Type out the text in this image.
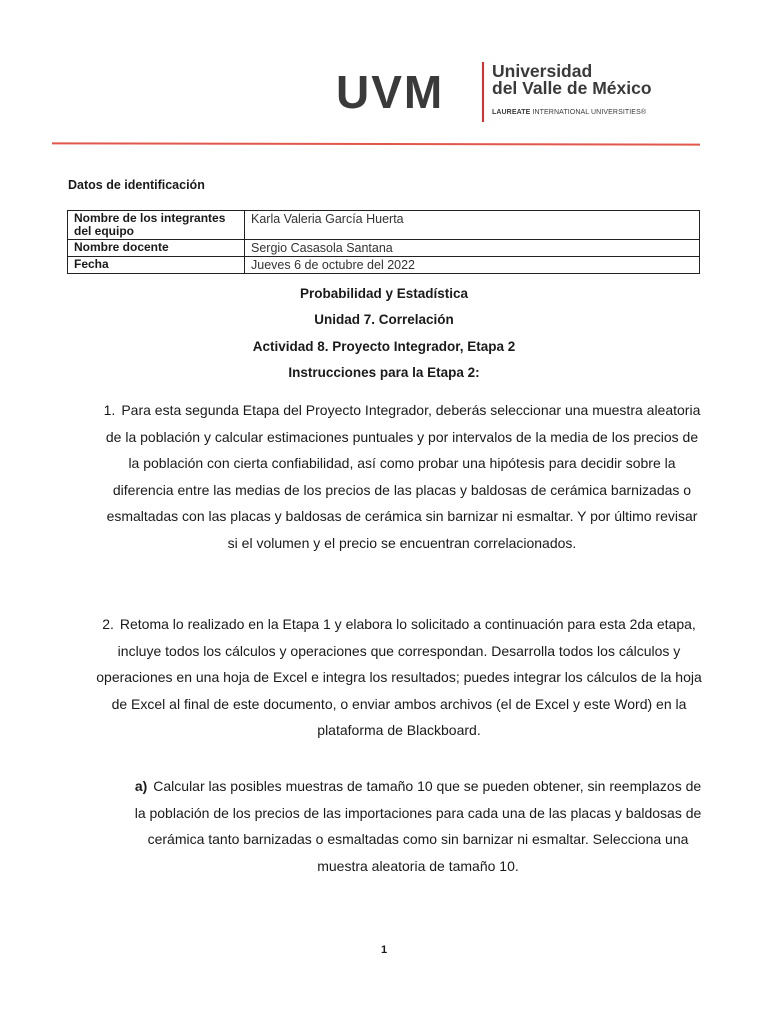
UVM	Universidad
del Valle de México
LAUREATE INTERNATIONAL UNIVERSITIES®
Datos de identificación
Nombre de los integrantes del equipo	Karla Valeria García Huerta
Nombre docente	Sergio Casasola Santana
Fecha	Jueves 6 de octubre del 2022
Probabilidad y Estadística
Unidad 7. Correlación
Actividad 8. Proyecto Integrador, Etapa 2
Instrucciones para la Etapa 2:
1. Para esta segunda Etapa del Proyecto Integrador, deberás seleccionar una muestra aleatoria de la población y calcular estimaciones puntuales y por intervalos de la media de los precios de la población con cierta confiabilidad, así como probar una hipótesis para decidir sobre la diferencia entre las medias de los precios de las placas y baldosas de cerámica barnizadas o esmaltadas con las placas y baldosas de cerámica sin barnizar ni esmaltar. Y por último revisar si el volumen y el precio se encuentran correlacionados.
2. Retoma lo realizado en la Etapa 1 y elabora lo solicitado a continuación para esta 2da etapa, incluye todos los cálculos y operaciones que correspondan. Desarrolla todos los cálculos y operaciones en una hoja de Excel e integra los resultados; puedes integrar los cálculos de la hoja de Excel al final de este documento, o enviar ambos archivos (el de Excel y este Word) en la plataforma de Blackboard.
a) Calcular las posibles muestras de tamaño 10 que se pueden obtener, sin reemplazos de la población de los precios de las importaciones para cada una de las placas y baldosas de cerámica tanto barnizadas o esmaltadas como sin barnizar ni esmaltar. Selecciona una muestra aleatoria de tamaño 10.
1
